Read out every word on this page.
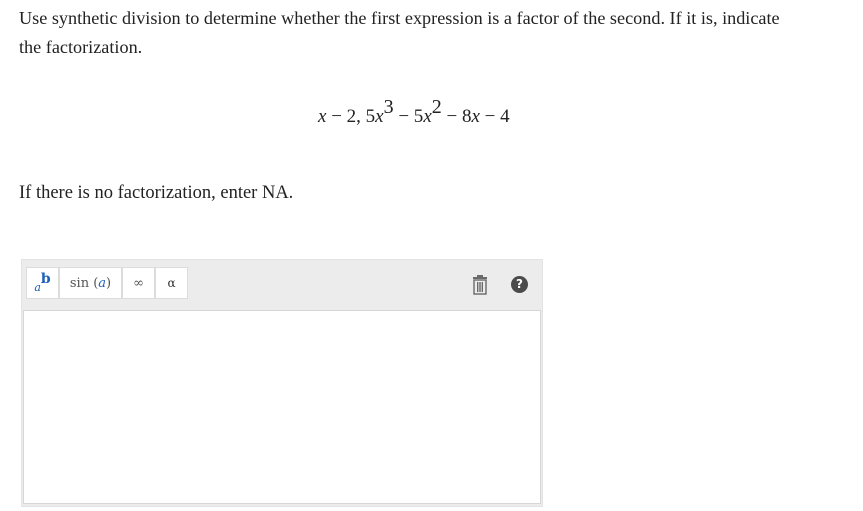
Use synthetic division to determine whether the first expression is a factor of the second. If it is, indicate
the factorization.
x − 2, 5x3 − 5x2 − 8x − 4
If there is no factorization, enter NA.
a b sin ( a ) ∞ α	?
